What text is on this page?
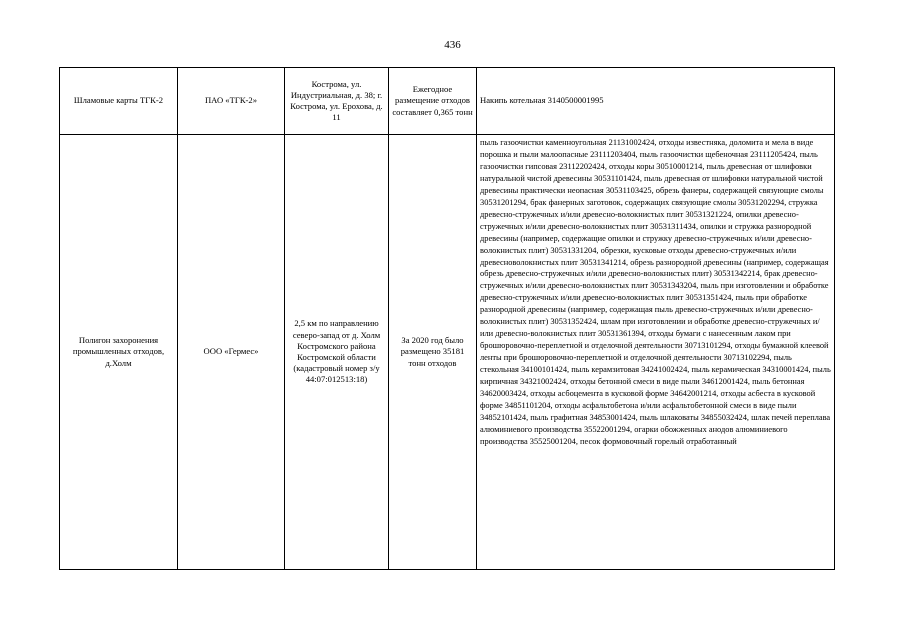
436
Шламовые карты ТГК-2	ПАО «ТГК-2»	Кострома, ул. Индустриальная, д. 38; г. Кострома, ул. Ерохова, д. 11	Ежегодное размещение отходов составляет 0,365 тонн	Накипь котельная 3140500001995
Полигон захоронения промышленных отходов, д.Холм	ООО «Гермес»	2,5 км по направлению северо-запад от д. Холм Костромского района Костромской области (кадастровый номер з/у 44:07:012513:18)	За 2020 год было размещено 35181 тонн отходов	пыль газоочистки каменноугольная 21131002424, отходы известняка, доломита и мела в виде порошка и пыли малоопасные 23111203404, пыль газоочистки щебеночная 23111205424, пыль газоочистки гипсовая 23112202424, отходы коры 30510001214, пыль древесная от шлифовки натуральной чистой древесины 30531101424, пыль древесная от шлифовки натуральной чистой древесины практически неопасная 30531103425, обрезь фанеры, содержащей связующие смолы 30531201294, брак фанерных заготовок, содержащих связующие смолы 30531202294, стружка древесно-стружечных и/или древесно-волокнистых плит 30531321224, опилки древесно-стружечных и/или древесно-волокнистых плит 30531311434, опилки и стружка разнородной древесины (например, содержащие опилки и стружку древесно-стружечных и/или древесно-волокнистых плит) 30531331204, обрезки, кусковые отходы древесно-стружечных и/или древесноволокнистых плит 30531341214, обрезь разнородной древесины (например, содержащая обрезь древесно-стружечных и/или древесно-волокнистых плит) 30531342214, брак древесно-стружечных и/или древесно-волокнистых плит 30531343204, пыль при изготовлении и обработке древесно-стружечных и/или древесно-волокнистых плит 30531351424, пыль при обработке разнородной древесины (например, содержащая пыль древесно-стружечных и/или древесно-волокнистых плит) 30531352424, шлам при изготовлении и обработке древесно-стружечных и/или древесно-волокнистых плит 30531361394, отходы бумаги с нанесенным лаком при брошюровочно-переплетной и отделочной деятельности 30713101294, отходы бумажной клеевой ленты при брошюровочно-переплетной и отделочной деятельности 30713102294, пыль стекольная 34100101424, пыль керамзитовая 34241002424, пыль керамическая 34310001424, пыль кирпичная 34321002424, отходы бетонной смеси в виде пыли 34612001424, пыль бетонная 34620003424, отходы асбоцемента в кусковой форме 34642001214, отходы асбеста в кусковой форме 34851101204, отходы асфальтобетона и/или асфальтобетонной смеси в виде пыли 34852101424, пыль графитная 34853001424, пыль шлаковаты 34855032424, шлак печей переплава алюминиевого производства 35522001294, огарки обожженных анодов алюминиевого производства 35525001204, песок формовочный горелый отработанный
